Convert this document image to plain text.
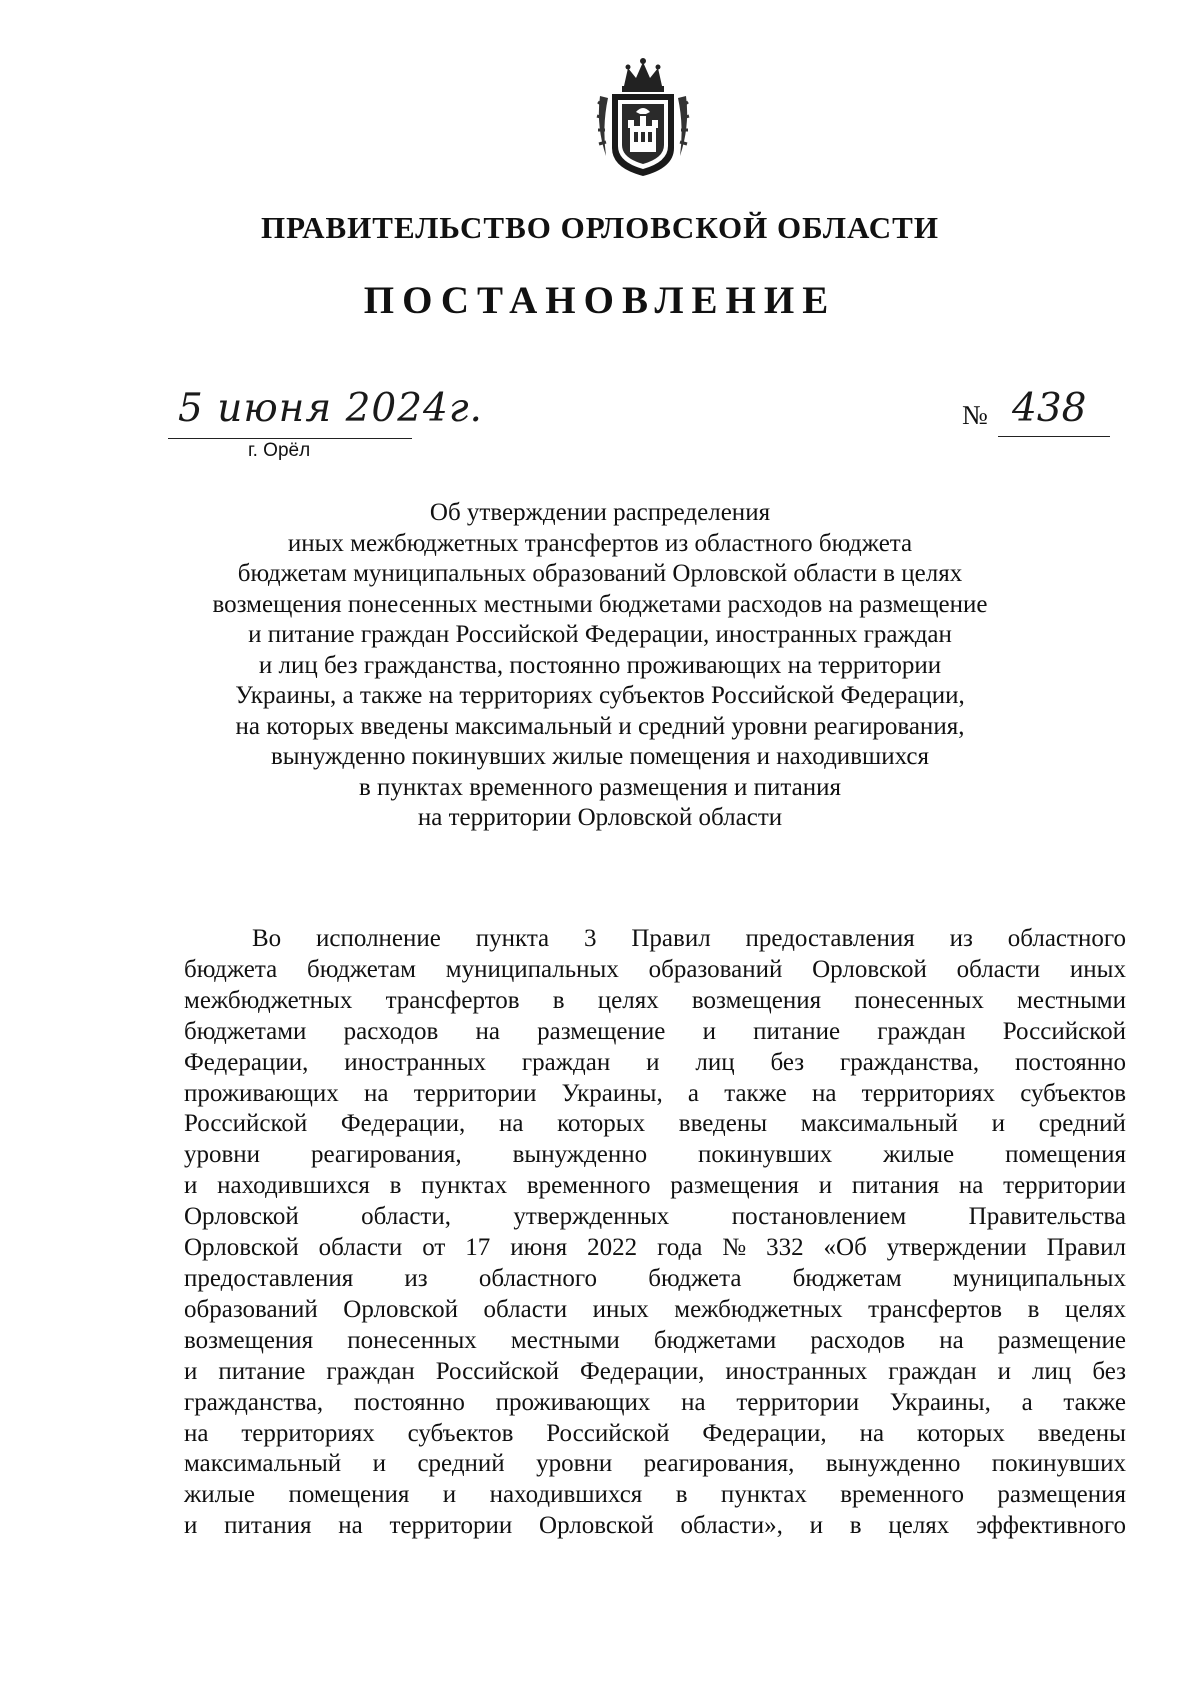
ПРАВИТЕЛЬСТВО ОРЛОВСКОЙ ОБЛАСТИ
ПОСТАНОВЛЕНИЕ
5 июня 2024г.
г. Орёл
№ 438
Об утверждении распределения
иных межбюджетных трансфертов из областного бюджета
бюджетам муниципальных образований Орловской области в целях
возмещения понесенных местными бюджетами расходов на размещение
и питание граждан Российской Федерации, иностранных граждан
и лиц без гражданства, постоянно проживающих на территории
Украины, а также на территориях субъектов Российской Федерации,
на которых введены максимальный и средний уровни реагирования,
вынужденно покинувших жилые помещения и находившихся
в пунктах временного размещения и питания
на территории Орловской области
Во исполнение пункта 3 Правил предоставления из областного
бюджета бюджетам муниципальных образований Орловской области иных
межбюджетных трансфертов в целях возмещения понесенных местными
бюджетами расходов на размещение и питание граждан Российской
Федерации, иностранных граждан и лиц без гражданства, постоянно
проживающих на территории Украины, а также на территориях субъектов
Российской Федерации, на которых введены максимальный и средний
уровни реагирования, вынужденно покинувших жилые помещения
и находившихся в пунктах временного размещения и питания на территории
Орловской области, утвержденных постановлением Правительства
Орловской области от 17 июня 2022 года № 332 «Об утверждении Правил
предоставления из областного бюджета бюджетам муниципальных
образований Орловской области иных межбюджетных трансфертов в целях
возмещения понесенных местными бюджетами расходов на размещение
и питание граждан Российской Федерации, иностранных граждан и лиц без
гражданства, постоянно проживающих на территории Украины, а также
на территориях субъектов Российской Федерации, на которых введены
максимальный и средний уровни реагирования, вынужденно покинувших
жилые помещения и находившихся в пунктах временного размещения
и питания на территории Орловской области», и в целях эффективного
